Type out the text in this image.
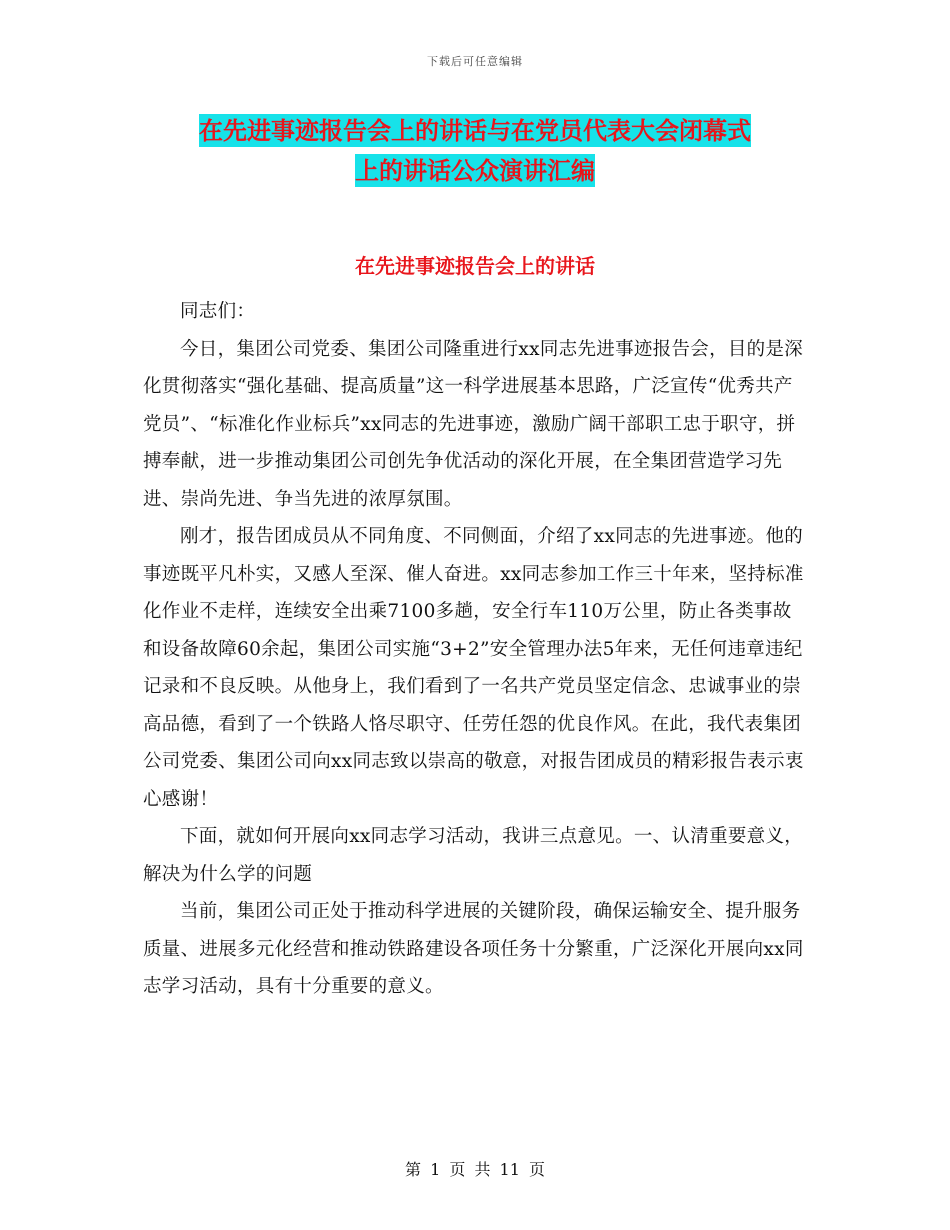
下载后可任意编辑
在先进事迹报告会上的讲话与在党员代表大会闭幕式
上的讲话公众演讲汇编
在先进事迹报告会上的讲话

同志们：

今日，集团公司党委、集团公司隆重进行xx同志先进事迹报告会，目的是深化贯彻落实“强化基础、提高质量”这一科学进展基本思路，广泛宣传“优秀共产党员”、“标准化作业标兵”xx同志的先进事迹，激励广阔干部职工忠于职守，拼搏奉献，进一步推动集团公司创先争优活动的深化开展，在全集团营造学习先进、崇尚先进、争当先进的浓厚氛围。

刚才，报告团成员从不同角度、不同侧面，介绍了xx同志的先进事迹。他的事迹既平凡朴实，又感人至深、催人奋进。xx同志参加工作三十年来，坚持标准化作业不走样，连续安全出乘7100多趟，安全行车110万公里，防止各类事故和设备故障60余起，集团公司实施“3+2”安全管理办法5年来，无任何违章违纪记录和不良反映。从他身上，我们看到了一名共产党员坚定信念、忠诚事业的崇高品德，看到了一个铁路人恪尽职守、任劳任怨的优良作风。在此，我代表集团公司党委、集团公司向xx同志致以崇高的敬意，对报告团成员的精彩报告表示衷心感谢！

下面，就如何开展向xx同志学习活动，我讲三点意见。一、认清重要意义，解决为什么学的问题

当前，集团公司正处于推动科学进展的关键阶段，确保运输安全、提升服务质量、进展多元化经营和推动铁路建设各项任务十分繁重，广泛深化开展向xx同志学习活动，具有十分重要的意义。

第 1 页 共 11 页
